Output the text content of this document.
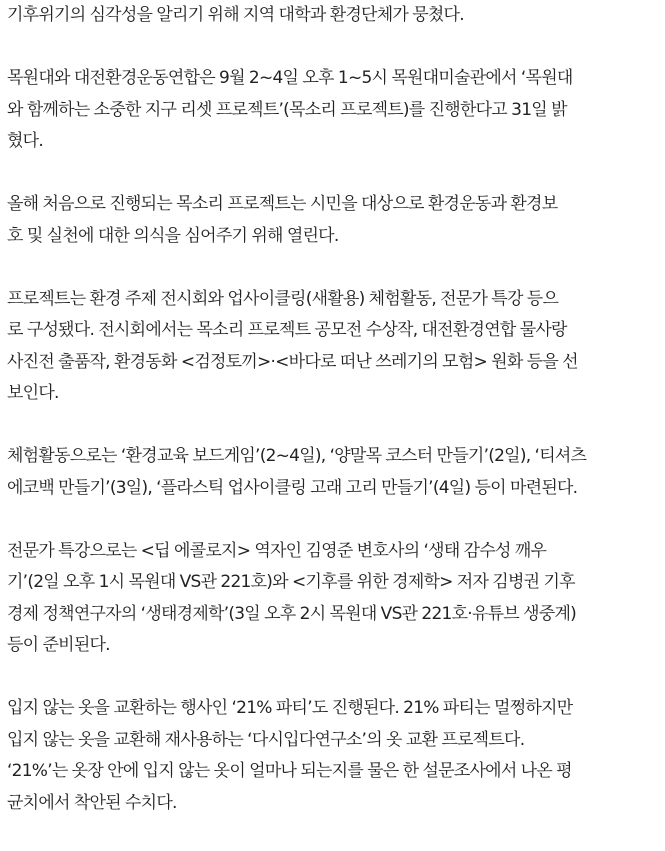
기후위기의 심각성을 알리기 위해 지역 대학과 환경단체가 뭉쳤다.

목원대와 대전환경운동연합은 9월 2~4일 오후 1~5시 목원대미술관에서 ‘목원대
와 함께하는 소중한 지구 리셋 프로젝트’(목소리 프로젝트)를 진행한다고 31일 밝
혔다.

올해 처음으로 진행되는 목소리 프로젝트는 시민을 대상으로 환경운동과 환경보
호 및 실천에 대한 의식을 심어주기 위해 열린다.

프로젝트는 환경 주제 전시회와 업사이클링(새활용) 체험활동, 전문가 특강 등으
로 구성됐다. 전시회에서는 목소리 프로젝트 공모전 수상작, 대전환경연합 물사랑
사진전 출품작, 환경동화 <검정토끼>·<바다로 떠난 쓰레기의 모험> 원화 등을 선
보인다.

체험활동으로는 ‘환경교육 보드게임’(2~4일), ‘양말목 코스터 만들기’(2일), ‘티셔츠
에코백 만들기’(3일), ‘플라스틱 업사이클링 고래 고리 만들기’(4일) 등이 마련된다.

전문가 특강으로는 <딥 에콜로지> 역자인 김영준 변호사의 ‘생태 감수성 깨우
기’(2일 오후 1시 목원대 VS관 221호)와 <기후를 위한 경제학> 저자 김병권 기후
경제 정책연구자의 ‘생태경제학’(3일 오후 2시 목원대 VS관 221호·유튜브 생중계)
등이 준비된다.

입지 않는 옷을 교환하는 행사인 ‘21% 파티’도 진행된다. 21% 파티는 멀쩡하지만
입지 않는 옷을 교환해 재사용하는 ‘다시입다연구소’의 옷 교환 프로젝트다.
‘21%’는 옷장 안에 입지 않는 옷이 얼마나 되는지를 물은 한 설문조사에서 나온 평
균치에서 착안된 수치다.
